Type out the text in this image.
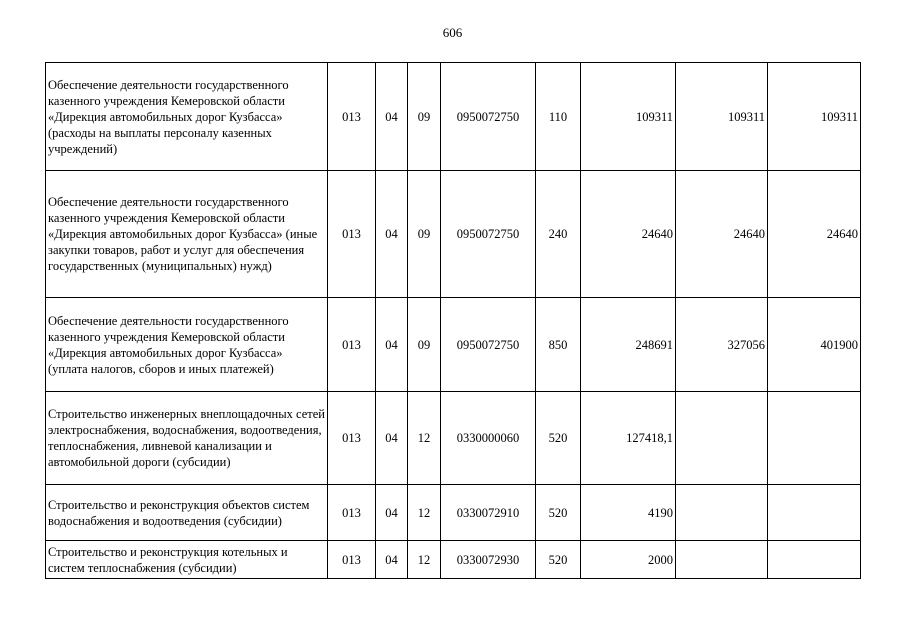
606
Обеспечение деятельности государственного казенного учреждения Кемеровской области «Дирекция автомобильных дорог Кузбасса» (расходы на выплаты персоналу казенных учреждений)	013	04	09	0950072750	110	109311	109311	109311
Обеспечение деятельности государственного казенного учреждения Кемеровской области «Дирекция автомобильных дорог Кузбасса» (иные закупки товаров, работ и услуг для обеспечения государственных (муниципальных) нужд)	013	04	09	0950072750	240	24640	24640	24640
Обеспечение деятельности государственного казенного учреждения Кемеровской области «Дирекция автомобильных дорог Кузбасса» (уплата налогов, сборов и иных платежей)	013	04	09	0950072750	850	248691	327056	401900
Строительство инженерных внеплощадочных сетей электроснабжения, водоснабжения, водоотведения, теплоснабжения, ливневой канализации и автомобильной дороги (субсидии)	013	04	12	0330000060	520	127418,1		
Строительство и реконструкция объектов систем водоснабжения и водоотведения (субсидии)	013	04	12	0330072910	520	4190		
Строительство и реконструкция котельных и систем теплоснабжения (субсидии)	013	04	12	0330072930	520	2000		
